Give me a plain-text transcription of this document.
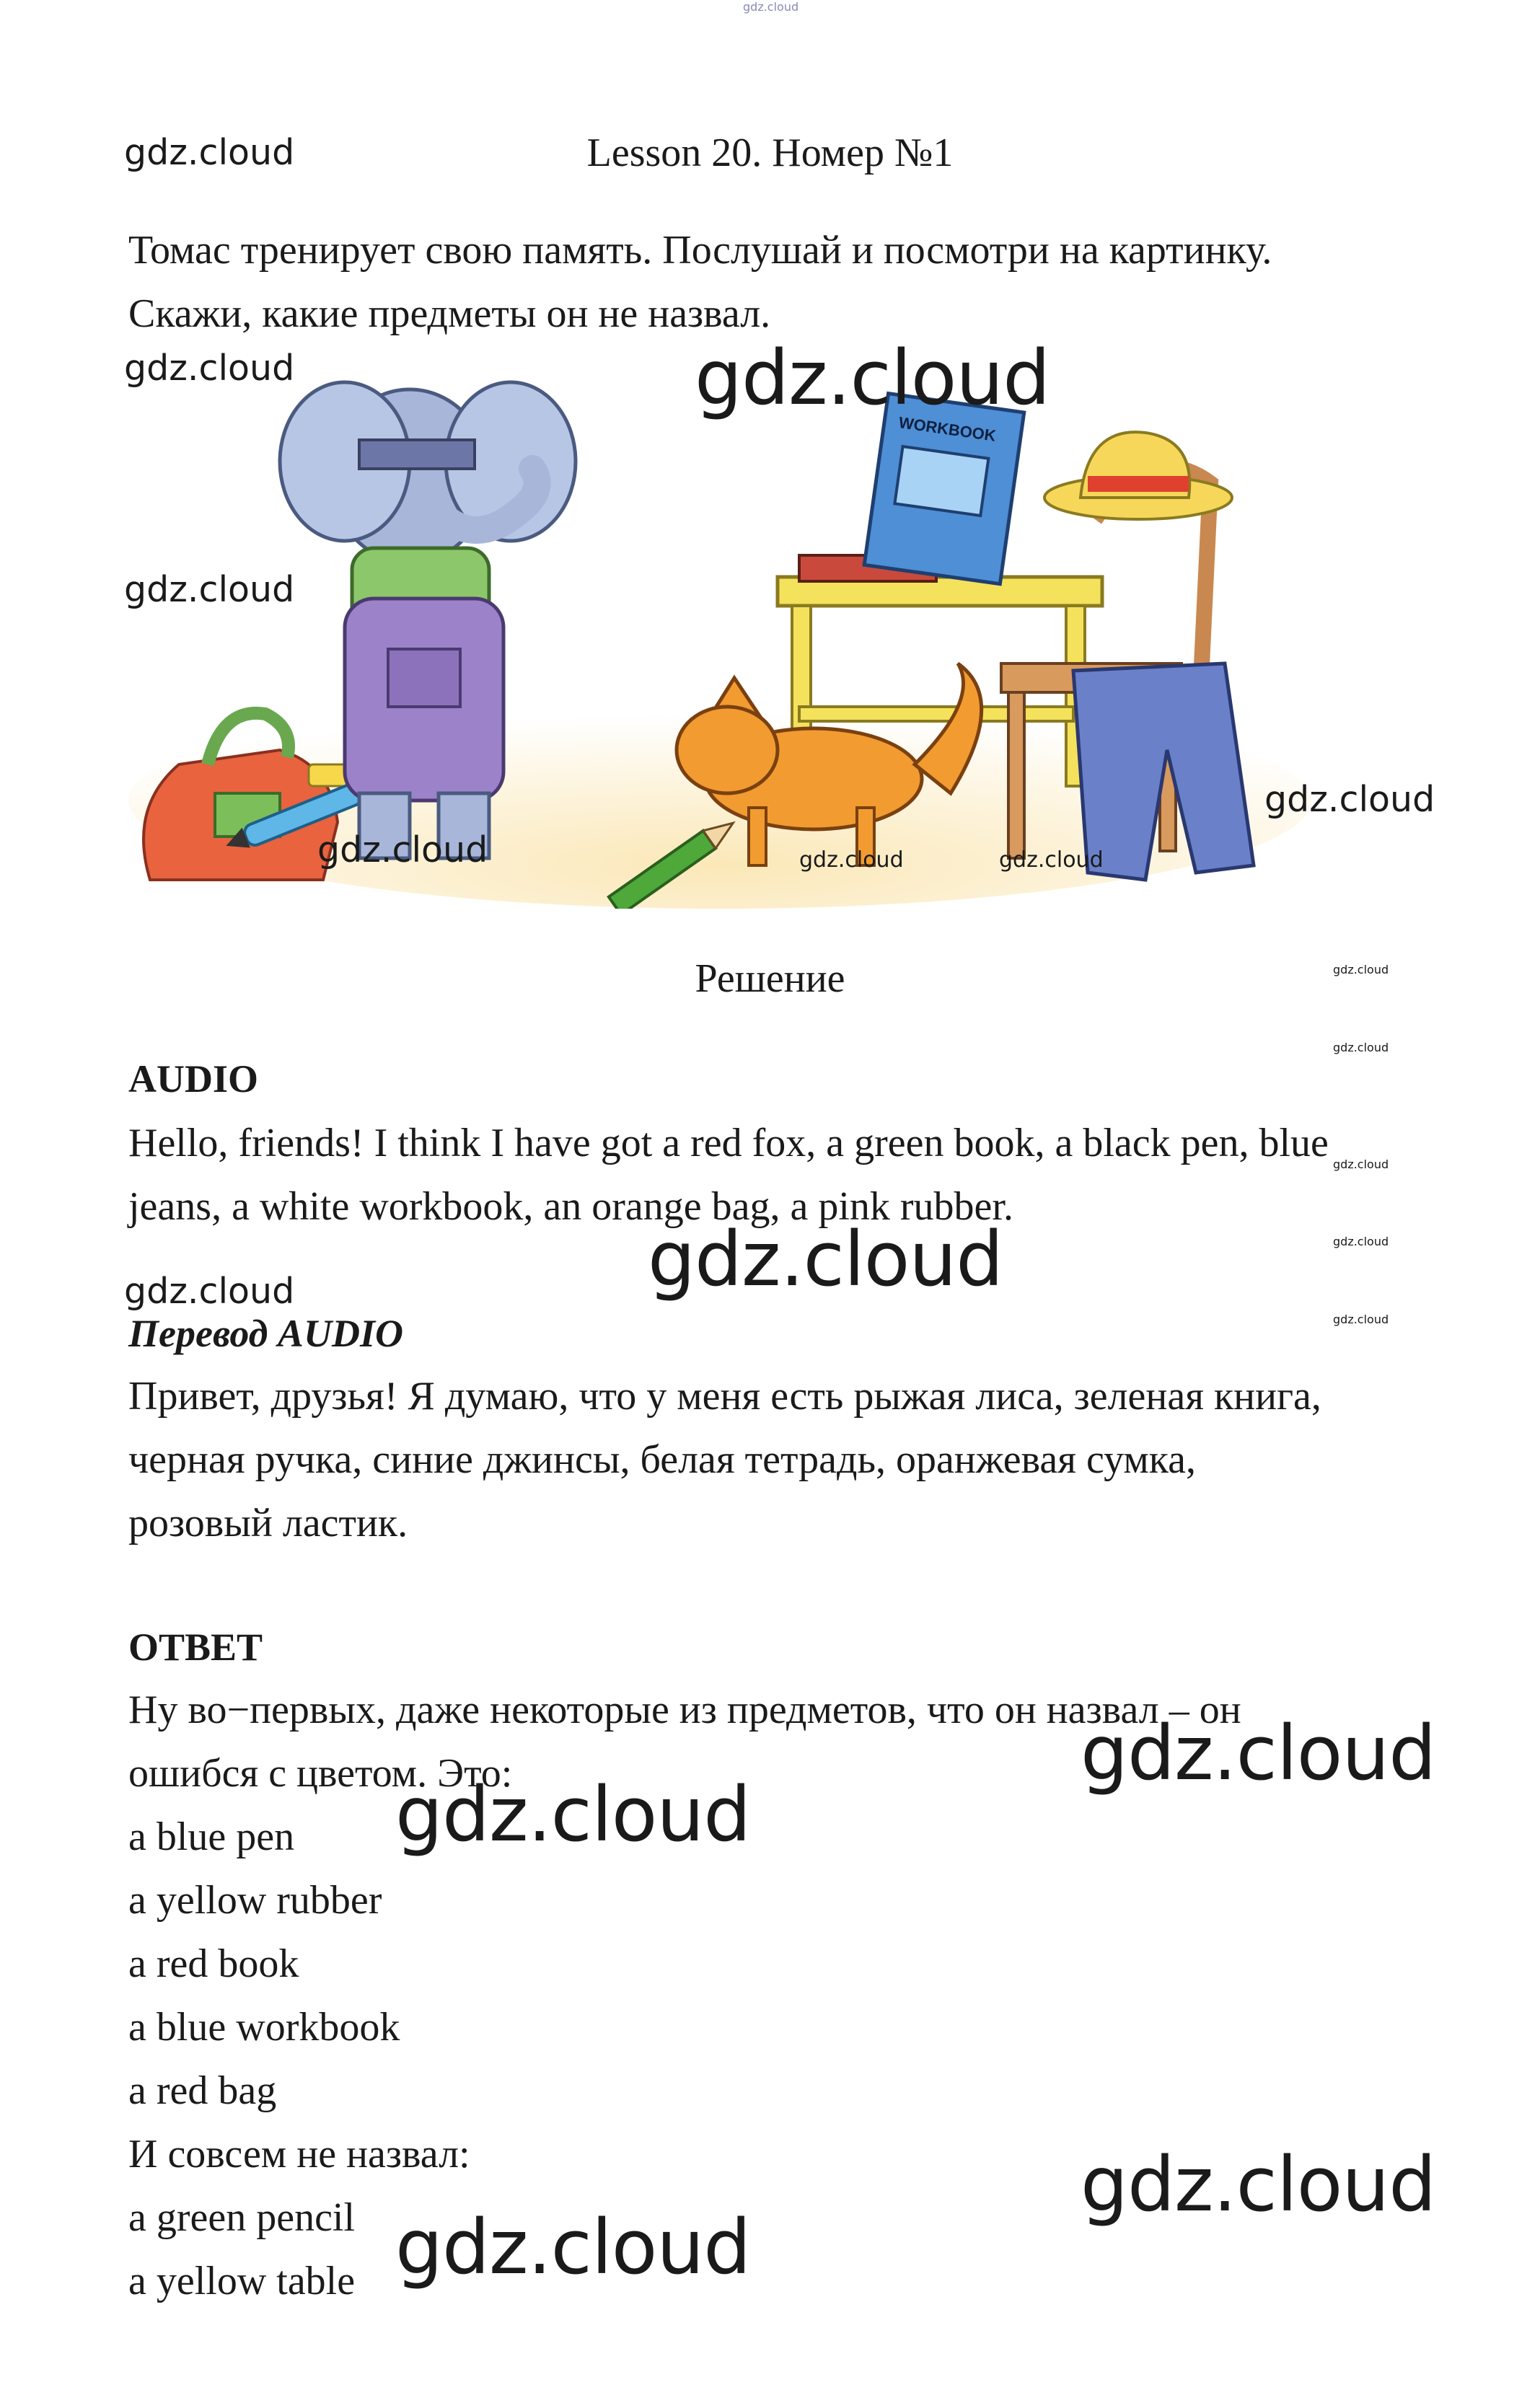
gdz.cloud
gdz.cloud	Lesson 20. Номер №1
Томас тренирует свою память. Послушай и посмотри на картинку.
Скажи, какие предметы он не назвал.
WORKBOOK
gdz.cloud	gdz.cloud
gdz.cloud
gdz.cloud
gdz.cloud	gdz.cloud	gdz.cloud
Решение	gdz.cloud
gdz.cloud
gdz.cloud
gdz.cloud
gdz.cloud
AUDIO
Hello, friends! I think I have got a red fox, a green book, a black pen, blue
jeans, a white workbook, an orange bag, a pink rubber.
gdz.cloud
gdz.cloud
Перевод AUDIO
Привет, друзья! Я думаю, что у меня есть рыжая лиса, зеленая книга,
черная ручка, синие джинсы, белая тетрадь, оранжевая сумка,
розовый ластик.
ОТВЕТ
Ну во−первых, даже некоторые из предметов, что он назвал – он
ошибся с цветом. Это:
a blue pen
a yellow rubber
a red book
a blue workbook
a red bag
И совсем не назвал:
a green pencil
a yellow table
gdz.cloud
gdz.cloud
gdz.cloud
gdz.cloud
